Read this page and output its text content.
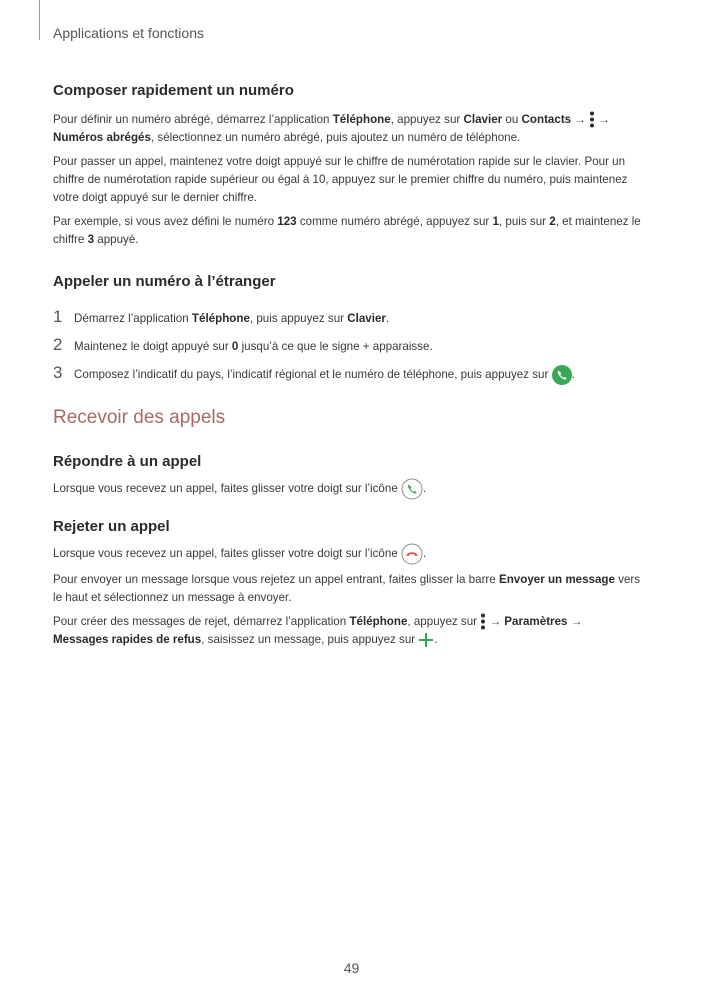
Applications et fonctions
Composer rapidement un numéro

Pour définir un numéro abrégé, démarrez l’application Téléphone, appuyez sur Clavier ou Contacts →  →
Numéros abrégés, sélectionnez un numéro abrégé, puis ajoutez un numéro de téléphone.

Pour passer un appel, maintenez votre doigt appuyé sur le chiffre de numérotation rapide sur le clavier. Pour un chiffre de numérotation rapide supérieur ou égal à 10, appuyez sur le premier chiffre du numéro, puis maintenez votre doigt appuyé sur le dernier chiffre.

Par exemple, si vous avez défini le numéro 123 comme numéro abrégé, appuyez sur 1, puis sur 2, et maintenez le chiffre 3 appuyé.

Appeler un numéro à l’étranger
1 Démarrez l’application Téléphone, puis appuyez sur Clavier.
2 Maintenez le doigt appuyé sur 0 jusqu’à ce que le signe + apparaisse.
3 Composez l’indicatif du pays, l’indicatif régional et le numéro de téléphone, puis appuyez sur .
Recevoir des appels
Répondre à un appel

Lorsque vous recevez un appel, faites glisser votre doigt sur l’icône .

Rejeter un appel

Lorsque vous recevez un appel, faites glisser votre doigt sur l’icône .

Pour envoyer un message lorsque vous rejetez un appel entrant, faites glisser la barre Envoyer un message vers le haut et sélectionnez un message à envoyer.

Pour créer des messages de rejet, démarrez l’application Téléphone, appuyez sur  → Paramètres →
Messages rapides de refus, saisissez un message, puis appuyez sur .

49
